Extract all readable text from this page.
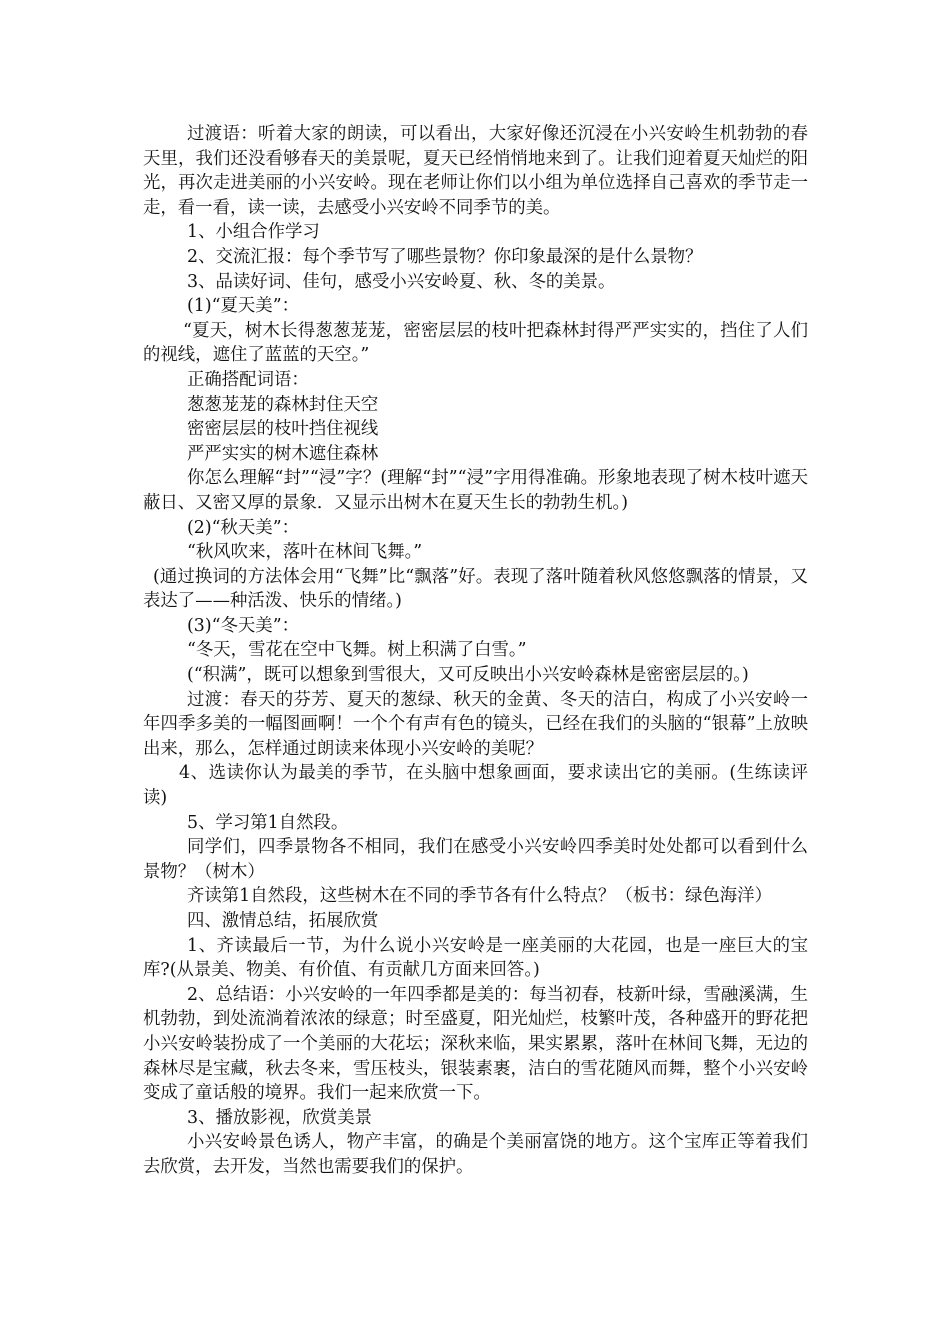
过渡语：听着大家的朗读，可以看出，大家好像还沉浸在小兴安岭生机勃勃的春天里，我们还没看够春天的美景呢，夏天已经悄悄地来到了。让我们迎着夏天灿烂的阳光，再次走进美丽的小兴安岭。现在老师让你们以小组为单位选择自己喜欢的季节走一走，看一看，读一读，去感受小兴安岭不同季节的美。

1、小组合作学习

2、交流汇报：每个季节写了哪些景物？你印象最深的是什么景物？

3、品读好词、佳句，感受小兴安岭夏、秋、冬的美景。

(1)“夏天美”：

“夏天，树木长得葱葱茏茏，密密层层的枝叶把森林封得严严实实的，挡住了人们的视线，遮住了蓝蓝的天空。”

正确搭配词语：

葱葱茏茏的森林封住天空

密密层层的枝叶挡住视线

严严实实的树木遮住森林

你怎么理解“封”“浸”字？(理解“封”“浸”字用得准确。形象地表现了树木枝叶遮天蔽日、又密又厚的景象．又显示出树木在夏天生长的勃勃生机。)

(2)“秋天美”：

“秋风吹来，落叶在林间飞舞。”

(通过换词的方法体会用“飞舞”比“飘落”好。表现了落叶随着秋风悠悠飘落的情景，又表达了——种活泼、快乐的情绪。)

(3)“冬天美”：

“冬天，雪花在空中飞舞。树上积满了白雪。”

(“积满”，既可以想象到雪很大，又可反映出小兴安岭森林是密密层层的。)

过渡：春天的芬芳、夏天的葱绿、秋天的金黄、冬天的洁白，构成了小兴安岭一年四季多美的一幅图画啊！一个个有声有色的镜头，已经在我们的头脑的“银幕”上放映出来，那么，怎样通过朗读来体现小兴安岭的美呢？

4、选读你认为最美的季节，在头脑中想象画面，要求读出它的美丽。(生练读评读)

5、学习第1自然段。

同学们，四季景物各不相同，我们在感受小兴安岭四季美时处处都可以看到什么景物？（树木）

齐读第1自然段，这些树木在不同的季节各有什么特点？（板书：绿色海洋）

四、激情总结，拓展欣赏

1、齐读最后一节，为什么说小兴安岭是一座美丽的大花园，也是一座巨大的宝库?(从景美、物美、有价值、有贡献几方面来回答。)

2、总结语：小兴安岭的一年四季都是美的：每当初春，枝新叶绿，雪融溪满，生机勃勃，到处流淌着浓浓的绿意；时至盛夏，阳光灿烂，枝繁叶茂，各种盛开的野花把小兴安岭装扮成了一个美丽的大花坛；深秋来临，果实累累，落叶在林间飞舞，无边的森林尽是宝藏，秋去冬来，雪压枝头，银装素裹，洁白的雪花随风而舞，整个小兴安岭变成了童话般的境界。我们一起来欣赏一下。

3、播放影视，欣赏美景

小兴安岭景色诱人，物产丰富，的确是个美丽富饶的地方。这个宝库正等着我们去欣赏，去开发，当然也需要我们的保护。
